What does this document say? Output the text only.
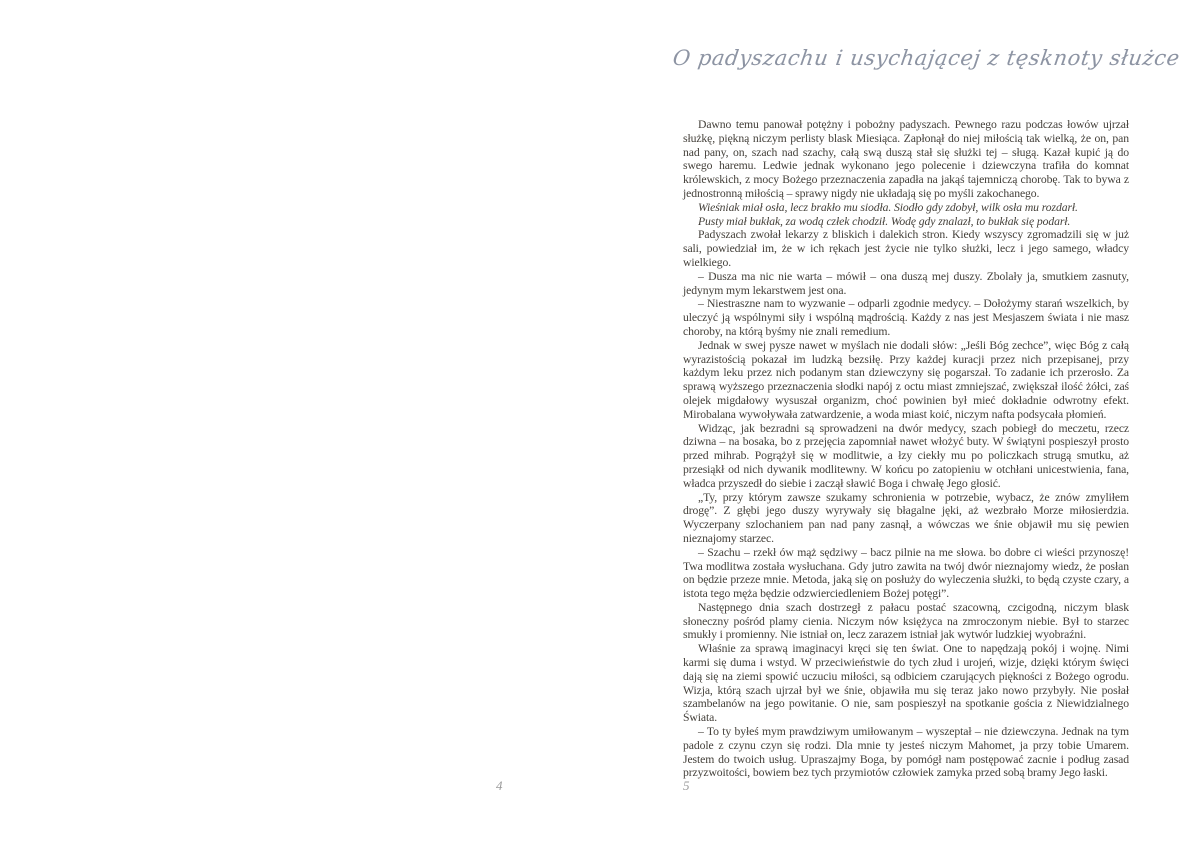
O padyszachu i usychającej z tęsknoty służce

Dawno temu panował potężny i pobożny padyszach. Pewnego razu podczas łowów ujrzał służkę, piękną niczym perlisty blask Miesiąca. Zapłonął do niej miłością tak wielką, że on, pan nad pany, on, szach nad szachy, całą swą duszą stał się służki tej – sługą. Kazał kupić ją do swego haremu. Ledwie jednak wykonano jego polecenie i dziewczyna trafiła do komnat królewskich, z mocy Bożego przeznaczenia zapadła na jakąś tajemniczą chorobę. Tak to bywa z jednostronną miłością – sprawy nigdy nie układają się po myśli zakochanego.

Wieśniak miał osła, lecz brakło mu siodła. Siodło gdy zdobył, wilk osła mu rozdarł.

Pusty miał bukłak, za wodą człek chodził. Wodę gdy znalazł, to bukłak się podarł.

Padyszach zwołał lekarzy z bliskich i dalekich stron. Kiedy wszyscy zgromadzili się w już sali, powiedział im, że w ich rękach jest życie nie tylko służki, lecz i jego samego, władcy wielkiego.

– Dusza ma nic nie warta – mówił – ona duszą mej duszy. Zbolały ja, smutkiem zasnuty, jedynym mym lekarstwem jest ona.

– Niestraszne nam to wyzwanie – odparli zgodnie medycy. – Dołożymy starań wszelkich, by uleczyć ją wspólnymi siły i wspólną mądrością. Każdy z nas jest Mesjaszem świata i nie masz choroby, na którą byśmy nie znali remedium.

Jednak w swej pysze nawet w myślach nie dodali słów: „Jeśli Bóg zechce”, więc Bóg z całą wyrazistością pokazał im ludzką bezsiłę. Przy każdej kuracji przez nich przepisanej, przy każdym leku przez nich podanym stan dziewczyny się pogarszał. To zadanie ich przerosło. Za sprawą wyższego przeznaczenia słodki napój z octu miast zmniejszać, zwiększał ilość żółci, zaś olejek migdałowy wysuszał organizm, choć powinien był mieć dokładnie odwrotny efekt. Mirobalana wywoływała zatwardzenie, a woda miast koić, niczym nafta podsycała płomień.

Widząc, jak bezradni są sprowadzeni na dwór medycy, szach pobiegł do meczetu, rzecz dziwna – na bosaka, bo z przejęcia zapomniał nawet włożyć buty. W świątyni pospieszył prosto przed mihrab. Pogrążył się w modlitwie, a łzy ciekły mu po policzkach strugą smutku, aż przesiąkł od nich dywanik modlitewny. W końcu po zatopieniu w otchłani unicestwienia, fana, władca przyszedł do siebie i zaczął sławić Boga i chwałę Jego głosić.

„Ty, przy którym zawsze szukamy schronienia w potrzebie, wybacz, że znów zmyliłem drogę”. Z głębi jego duszy wyrywały się błagalne jęki, aż wezbrało Morze miłosierdzia. Wyczerpany szlochaniem pan nad pany zasnął, a wówczas we śnie objawił mu się pewien nieznajomy starzec.

– Szachu – rzekł ów mąż sędziwy – bacz pilnie na me słowa. bo dobre ci wieści przynoszę! Twa modlitwa została wysłuchana. Gdy jutro zawita na twój dwór nieznajomy wiedz, że posłan on będzie przeze mnie. Metoda, jaką się on posłuży do wyleczenia służki, to będą czyste czary, a istota tego męża będzie odzwierciedleniem Bożej potęgi”.

Następnego dnia szach dostrzegł z pałacu postać szacowną, czcigodną, niczym blask słoneczny pośród plamy cienia. Niczym nów księżyca na zmroczonym niebie. Był to starzec smukły i promienny. Nie istniał on, lecz zarazem istniał jak wytwór ludzkiej wyobraźni.

Właśnie za sprawą imaginacyi kręci się ten świat. One to napędzają pokój i wojnę. Nimi karmi się duma i wstyd. W przeciwieństwie do tych złud i urojeń, wizje, dzięki którym święci dają się na ziemi spowić uczuciu miłości, są odbiciem czarujących piękności z Bożego ogrodu. Wizja, którą szach ujrzał był we śnie, objawiła mu się teraz jako nowo przybyły. Nie posłał szambelanów na jego powitanie. O nie, sam pospieszył na spotkanie gościa z Niewidzialnego Świata.

– To ty byłeś mym prawdziwym umiłowanym – wyszeptał – nie dziewczyna. Jednak na tym padole z czynu czyn się rodzi. Dla mnie ty jesteś niczym Mahomet, ja przy tobie Umarem. Jestem do twoich usług. Upraszajmy Boga, by pomógł nam postępować zacnie i podług zasad przyzwoitości, bowiem bez tych przymiotów człowiek zamyka przed sobą bramy Jego łaski.

4	5
